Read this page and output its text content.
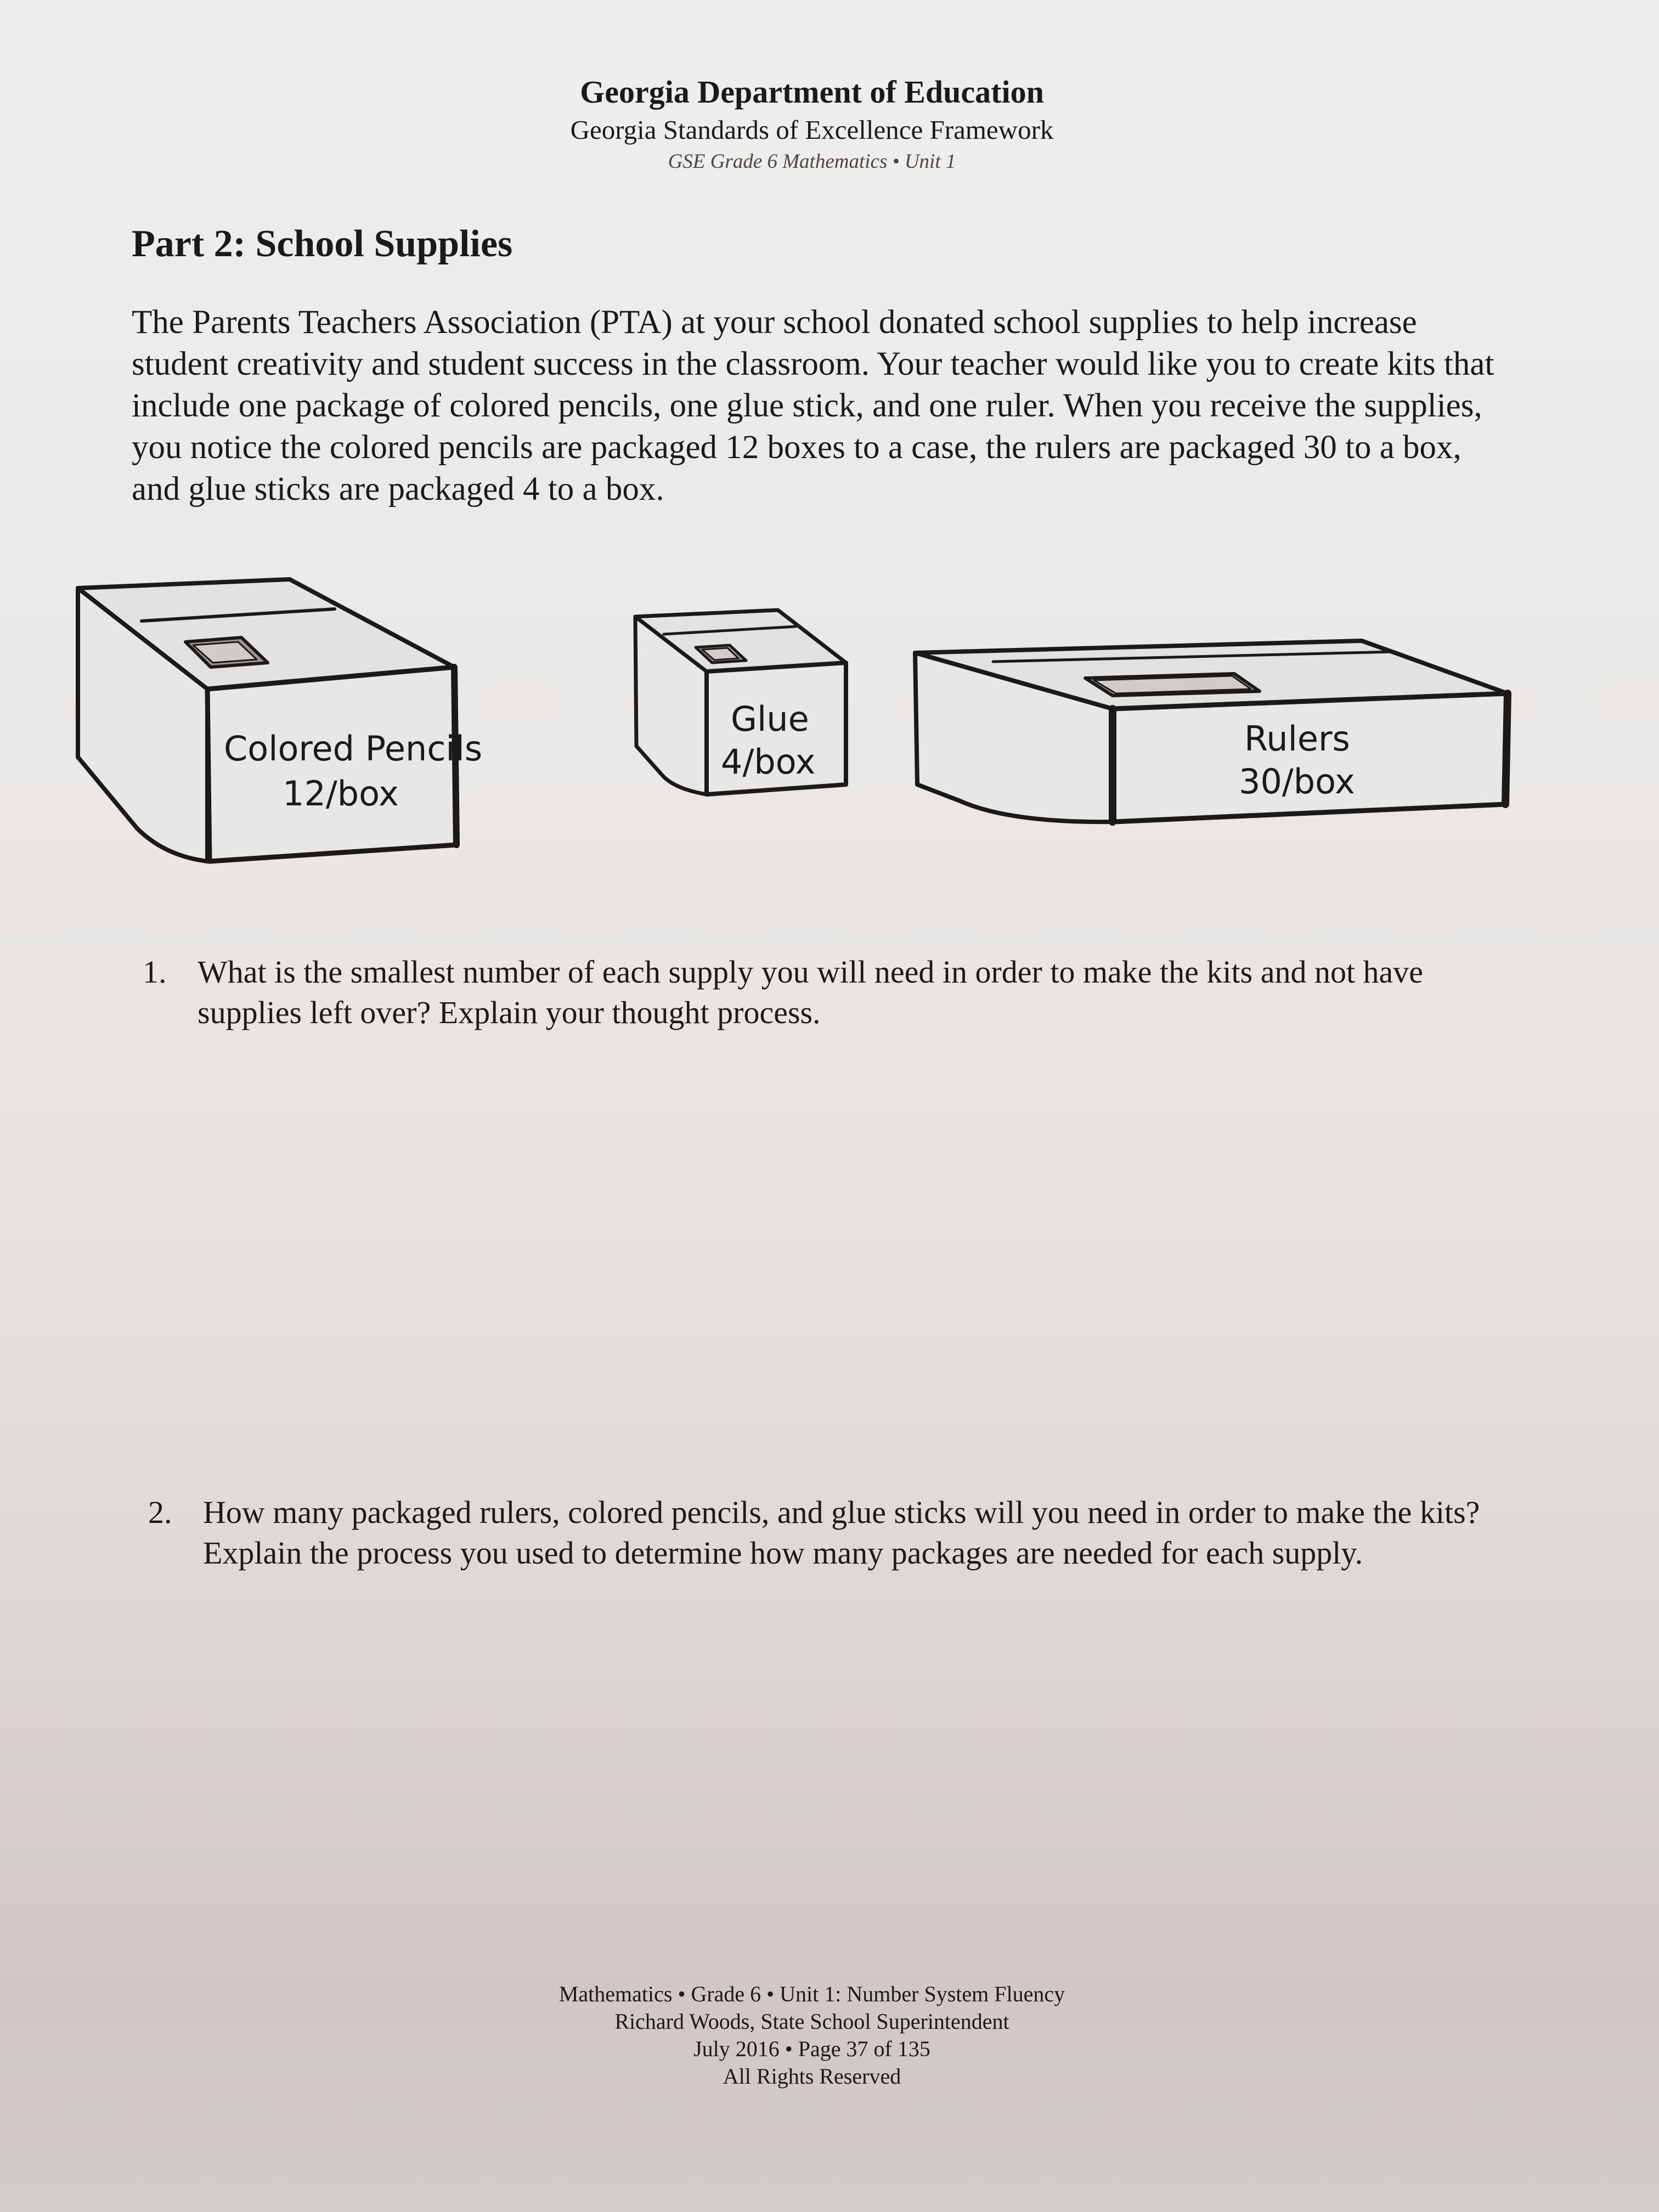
Georgia Department of Education
Georgia Standards of Excellence Framework
GSE Grade 6 Mathematics • Unit 1
Part 2: School Supplies

The Parents Teachers Association (PTA) at your school donated school supplies to help increase student creativity and student success in the classroom. Your teacher would like you to create kits that include one package of colored pencils, one glue stick, and one ruler. When you receive the supplies, you notice the colored pencils are packaged 12 boxes to a case, the rulers are packaged 30 to a box, and glue sticks are packaged 4 to a box.

Colored Pencils
12/box
Glue
4/box
Rulers
30/box
1. What is the smallest number of each supply you will need in order to make the kits and not have supplies left over? Explain your thought process.
2. How many packaged rulers, colored pencils, and glue sticks will you need in order to make the kits? Explain the process you used to determine how many packages are needed for each supply.
Mathematics • Grade 6 • Unit 1: Number System Fluency
Richard Woods, State School Superintendent
July 2016 • Page 37 of 135
All Rights Reserved
